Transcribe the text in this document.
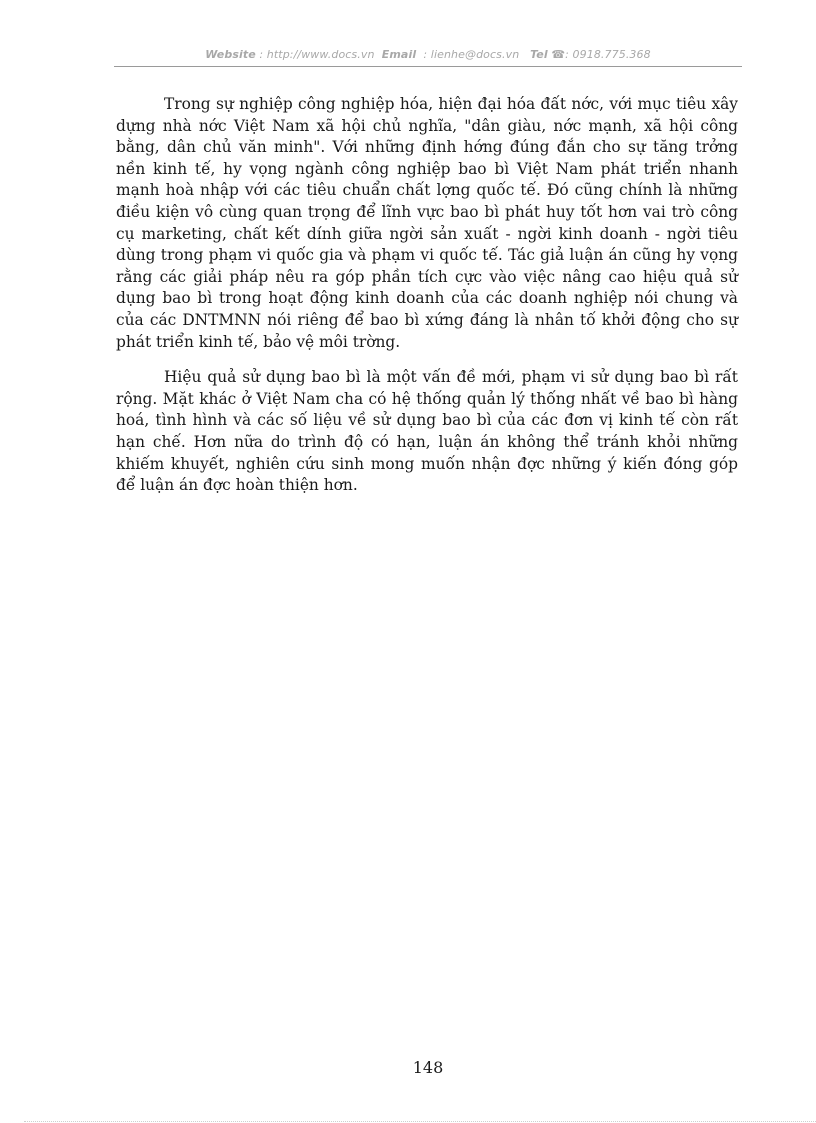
Website : http://www.docs.vn Email : lienhe@docs.vn Tel ☎: 0918.775.368

Trong sự nghiệp công nghiệp hóa, hiện đại hóa đất nớc, với mục tiêu xây dựng nhà nớc Việt Nam xã hội chủ nghĩa, "dân giàu, nớc mạnh, xã hội công bằng, dân chủ văn minh". Với những định hớng đúng đắn cho sự tăng trởng nền kinh tế, hy vọng ngành công nghiệp bao bì Việt Nam phát triển nhanh mạnh hoà nhập với các tiêu chuẩn chất lợng quốc tế. Đó cũng chính là những điều kiện vô cùng quan trọng để lĩnh vực bao bì phát huy tốt hơn vai trò công cụ marketing, chất kết dính giữa ngời sản xuất - ngời kinh doanh - ngời tiêu dùng trong phạm vi quốc gia và phạm vi quốc tế. Tác giả luận án cũng hy vọng rằng các giải pháp nêu ra góp phần tích cực vào việc nâng cao hiệu quả sử dụng bao bì trong hoạt động kinh doanh của các doanh nghiệp nói chung và của các DNTMNN nói riêng để bao bì xứng đáng là nhân tố khởi động cho sự phát triển kinh tế, bảo vệ môi trờng.

Hiệu quả sử dụng bao bì là một vấn đề mới, phạm vi sử dụng bao bì rất rộng. Mặt khác ở Việt Nam cha có hệ thống quản lý thống nhất về bao bì hàng hoá, tình hình và các số liệu về sử dụng bao bì của các đơn vị kinh tế còn rất hạn chế. Hơn nữa do trình độ có hạn, luận án không thể tránh khỏi những khiếm khuyết, nghiên cứu sinh mong muốn nhận đợc những ý kiến đóng góp để luận án đợc hoàn thiện hơn.

148
